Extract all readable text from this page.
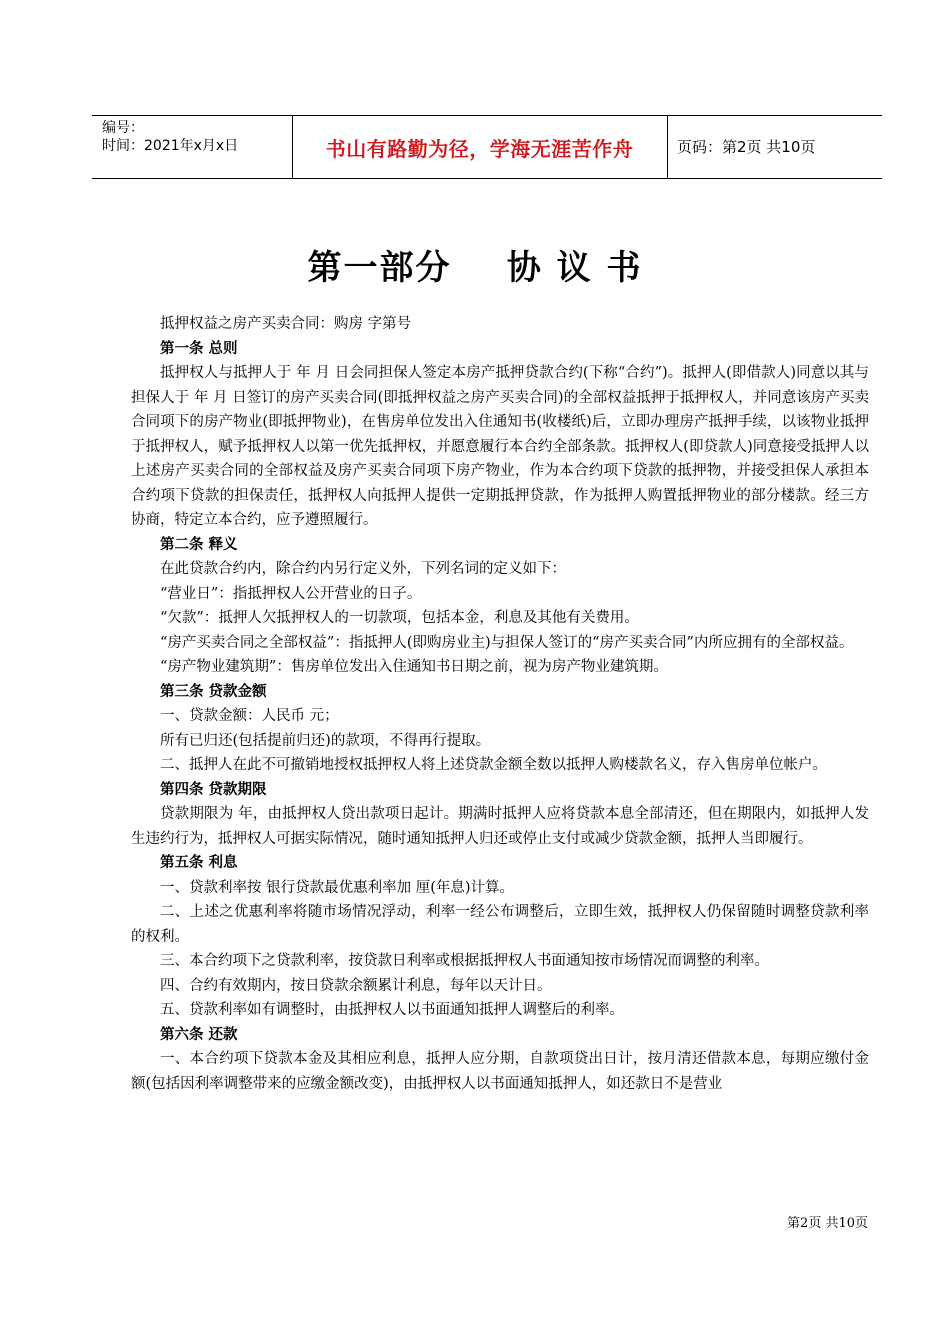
编号：
时间：2021年x月x日	书山有路勤为径，学海无涯苦作舟	页码：第2页 共10页
第一部分    协 议 书

抵押权益之房产买卖合同：购房 字第号

第一条 总则

抵押权人与抵押人于 年 月 日会同担保人签定本房产抵押贷款合约(下称“合约”)。抵押人(即借款人)同意以其与担保人于 年 月 日签订的房产买卖合同(即抵押权益之房产买卖合同)的全部权益抵押于抵押权人，并同意该房产买卖合同项下的房产物业(即抵押物业)，在售房单位发出入住通知书(收楼纸)后，立即办理房产抵押手续，以该物业抵押于抵押权人，赋予抵押权人以第一优先抵押权，并愿意履行本合约全部条款。抵押权人(即贷款人)同意接受抵押人以上述房产买卖合同的全部权益及房产买卖合同项下房产物业，作为本合约项下贷款的抵押物，并接受担保人承担本合约项下贷款的担保责任，抵押权人向抵押人提供一定期抵押贷款，作为抵押人购置抵押物业的部分楼款。经三方协商，特定立本合约，应予遵照履行。

第二条 释义

在此贷款合约内，除合约内另行定义外，下列名词的定义如下：

“营业日”：指抵押权人公开营业的日子。

“欠款”：抵押人欠抵押权人的一切款项，包括本金，利息及其他有关费用。

“房产买卖合同之全部权益”：指抵押人(即购房业主)与担保人签订的“房产买卖合同”内所应拥有的全部权益。

“房产物业建筑期”：售房单位发出入住通知书日期之前，视为房产物业建筑期。

第三条 贷款金额

一、贷款金额：人民币 元；

所有已归还(包括提前归还)的款项，不得再行提取。

二、抵押人在此不可撤销地授权抵押权人将上述贷款金额全数以抵押人购楼款名义，存入售房单位帐户。

第四条 贷款期限

贷款期限为 年，由抵押权人贷出款项日起计。期满时抵押人应将贷款本息全部清还，但在期限内，如抵押人发生违约行为，抵押权人可据实际情况，随时通知抵押人归还或停止支付或减少贷款金额，抵押人当即履行。

第五条 利息

一、贷款利率按 银行贷款最优惠利率加 厘(年息)计算。

二、上述之优惠利率将随市场情况浮动，利率一经公布调整后，立即生效，抵押权人仍保留随时调整贷款利率的权利。

三、本合约项下之贷款利率，按贷款日利率或根据抵押权人书面通知按市场情况而调整的利率。

四、合约有效期内，按日贷款余额累计利息，每年以天计日。

五、贷款利率如有调整时，由抵押权人以书面通知抵押人调整后的利率。

第六条 还款

一、本合约项下贷款本金及其相应利息，抵押人应分期，自款项贷出日计，按月清还借款本息，每期应缴付金额(包括因利率调整带来的应缴金额改变)，由抵押权人以书面通知抵押人，如还款日不是营业

第2页 共10页
